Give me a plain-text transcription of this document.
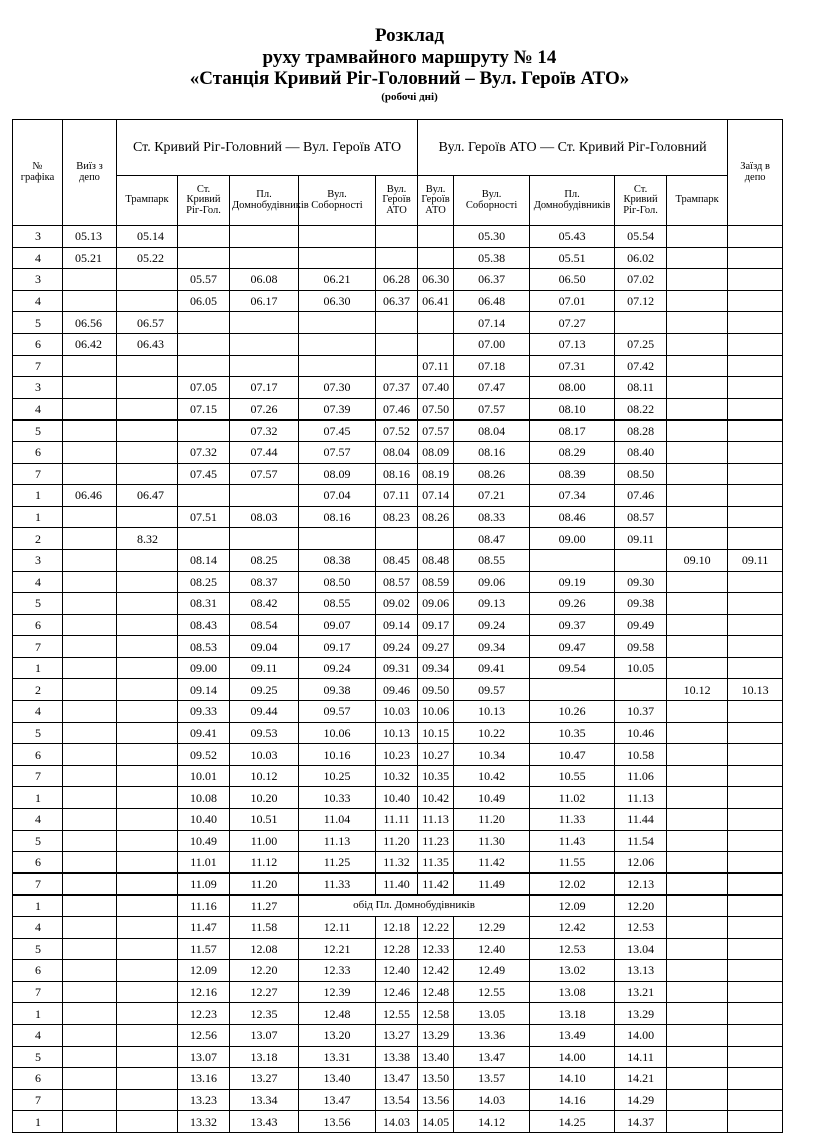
Розклад
руху трамвайного маршруту № 14
«Станція Кривий Ріг-Головний – Вул. Героїв АТО»
(робочі дні)
№ графіка	Виїз з депо	Ст. Кривий Ріг-Головний — Вул. Героїв АТО					Вул. Героїв АТО — Ст. Кривий Ріг-Головний					Заїзд в депо
		Трампарк	Ст. Кривий Ріг-Гол.	Пл. Домнобудівників	Вул. Соборності	Вул. Героїв АТО	Вул. Героїв АТО	Вул. Соборності	Пл. Домнобудівників	Ст. Кривий Ріг-Гол.	Трампарк	
3	05.13	05.14						05.30	05.43	05.54		
4	05.21	05.22						05.38	05.51	06.02		
3			05.57	06.08	06.21	06.28	06.30	06.37	06.50	07.02		
4			06.05	06.17	06.30	06.37	06.41	06.48	07.01	07.12		
5	06.56	06.57						07.14	07.27			
6	06.42	06.43						07.00	07.13	07.25		
7							07.11	07.18	07.31	07.42		
3			07.05	07.17	07.30	07.37	07.40	07.47	08.00	08.11		
4			07.15	07.26	07.39	07.46	07.50	07.57	08.10	08.22		
5				07.32	07.45	07.52	07.57	08.04	08.17	08.28		
6			07.32	07.44	07.57	08.04	08.09	08.16	08.29	08.40		
7			07.45	07.57	08.09	08.16	08.19	08.26	08.39	08.50		
1	06.46	06.47			07.04	07.11	07.14	07.21	07.34	07.46		
1			07.51	08.03	08.16	08.23	08.26	08.33	08.46	08.57		
2		8.32						08.47	09.00	09.11		
3			08.14	08.25	08.38	08.45	08.48	08.55			09.10	09.11
4			08.25	08.37	08.50	08.57	08.59	09.06	09.19	09.30		
5			08.31	08.42	08.55	09.02	09.06	09.13	09.26	09.38		
6			08.43	08.54	09.07	09.14	09.17	09.24	09.37	09.49		
7			08.53	09.04	09.17	09.24	09.27	09.34	09.47	09.58		
1			09.00	09.11	09.24	09.31	09.34	09.41	09.54	10.05		
2			09.14	09.25	09.38	09.46	09.50	09.57			10.12	10.13
4			09.33	09.44	09.57	10.03	10.06	10.13	10.26	10.37		
5			09.41	09.53	10.06	10.13	10.15	10.22	10.35	10.46		
6			09.52	10.03	10.16	10.23	10.27	10.34	10.47	10.58		
7			10.01	10.12	10.25	10.32	10.35	10.42	10.55	11.06		
1			10.08	10.20	10.33	10.40	10.42	10.49	11.02	11.13		
4			10.40	10.51	11.04	11.11	11.13	11.20	11.33	11.44		
5			10.49	11.00	11.13	11.20	11.23	11.30	11.43	11.54		
6			11.01	11.12	11.25	11.32	11.35	11.42	11.55	12.06		
7			11.09	11.20	11.33	11.40	11.42	11.49	12.02	12.13		
1			11.16	11.27	обід Пл. Домнобудівників				12.09	12.20		
4			11.47	11.58	12.11	12.18	12.22	12.29	12.42	12.53		
5			11.57	12.08	12.21	12.28	12.33	12.40	12.53	13.04		
6			12.09	12.20	12.33	12.40	12.42	12.49	13.02	13.13		
7			12.16	12.27	12.39	12.46	12.48	12.55	13.08	13.21		
1			12.23	12.35	12.48	12.55	12.58	13.05	13.18	13.29		
4			12.56	13.07	13.20	13.27	13.29	13.36	13.49	14.00		
5			13.07	13.18	13.31	13.38	13.40	13.47	14.00	14.11		
6			13.16	13.27	13.40	13.47	13.50	13.57	14.10	14.21		
7			13.23	13.34	13.47	13.54	13.56	14.03	14.16	14.29		
1			13.32	13.43	13.56	14.03	14.05	14.12	14.25	14.37		
